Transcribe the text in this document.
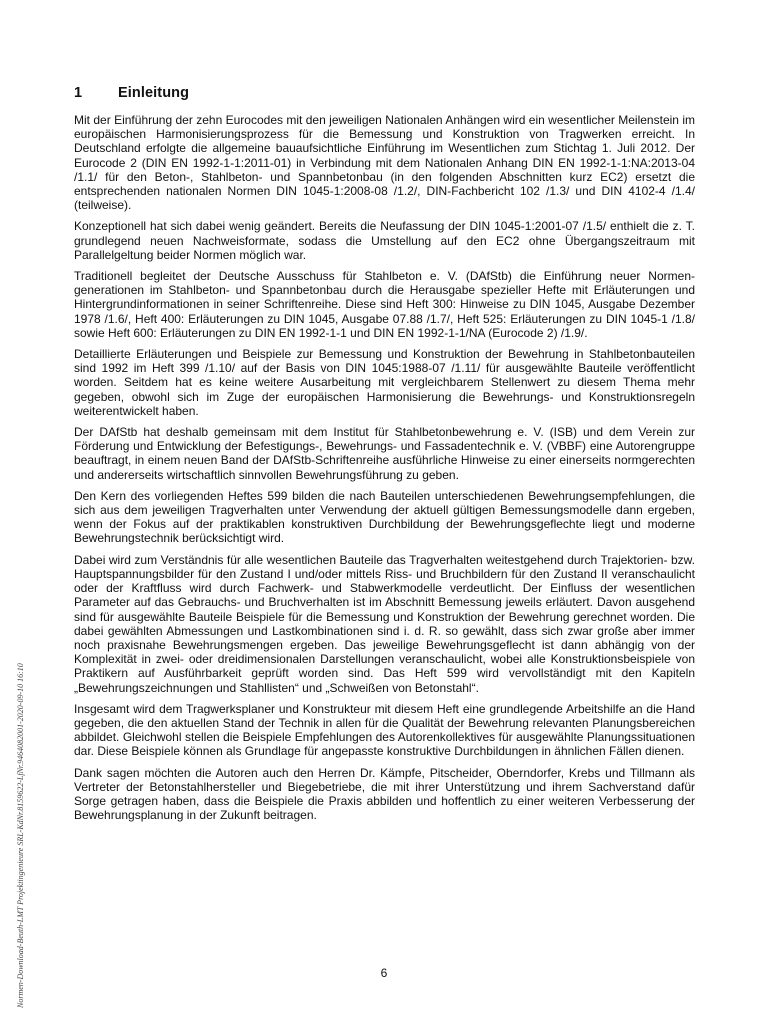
1 Einleitung

Mit der Einführung der zehn Eurocodes mit den jeweiligen Nationalen Anhängen wird ein wesentlicher Meilenstein im europäischen Harmonisierungsprozess für die Bemessung und Konstruktion von Tragwerken erreicht. In Deutschland erfolgte die allgemeine bauaufsichtliche Einführung im Wesentlichen zum Stichtag 1. Juli 2012. Der Eurocode 2 (DIN EN 1992-1-1:2011-01) in Verbindung mit dem Nationalen Anhang DIN EN 1992-1-1:NA:2013-04 /1.1/ für den Beton-, Stahlbeton- und Spannbetonbau (in den folgenden Abschnitten kurz EC2) ersetzt die entsprechenden nationalen Normen DIN 1045-1:2008-08 /1.2/, DIN-Fachbericht 102 /1.3/ und DIN 4102-4 /1.4/ (teilweise).

Konzeptionell hat sich dabei wenig geändert. Bereits die Neufassung der DIN 1045-1:2001-07 /1.5/ enthielt die z. T. grundlegend neuen Nachweisformate, sodass die Umstellung auf den EC2 ohne Übergangszeitraum mit Parallelgeltung beider Normen möglich war.

Traditionell begleitet der Deutsche Ausschuss für Stahlbeton e. V. (DAfStb) die Einführung neuer Normengenerationen im Stahlbeton- und Spannbetonbau durch die Herausgabe spezieller Hefte mit Erläuterungen und Hintergrundinformationen in seiner Schriftenreihe. Diese sind Heft 300: Hinweise zu DIN 1045, Ausgabe Dezember 1978 /1.6/, Heft 400: Erläuterungen zu DIN 1045, Ausgabe 07.88 /1.7/, Heft 525: Erläuterungen zu DIN 1045-1 /1.8/ sowie Heft 600: Erläuterungen zu DIN EN 1992-1-1 und DIN EN 1992-1-1/NA (Eurocode 2) /1.9/.

Detaillierte Erläuterungen und Beispiele zur Bemessung und Konstruktion der Bewehrung in Stahlbetonbauteilen sind 1992 im Heft 399 /1.10/ auf der Basis von DIN 1045:1988-07 /1.11/ für ausgewählte Bauteile veröffentlicht worden. Seitdem hat es keine weitere Ausarbeitung mit vergleichbarem Stellenwert zu diesem Thema mehr gegeben, obwohl sich im Zuge der europäischen Harmonisierung die Bewehrungs- und Konstruktionsregeln weiterentwickelt haben.

Der DAfStb hat deshalb gemeinsam mit dem Institut für Stahlbetonbewehrung e. V. (ISB) und dem Verein zur Förderung und Entwicklung der Befestigungs-, Bewehrungs- und Fassadentechnik e. V. (VBBF) eine Autorengruppe beauftragt, in einem neuen Band der DAfStb-Schriftenreihe ausführliche Hinweise zu einer einerseits normgerechten und andererseits wirtschaftlich sinnvollen Bewehrungsführung zu geben.

Den Kern des vorliegenden Heftes 599 bilden die nach Bauteilen unterschiedenen Bewehrungsempfehlungen, die sich aus dem jeweiligen Tragverhalten unter Verwendung der aktuell gültigen Bemessungsmodelle dann ergeben, wenn der Fokus auf der praktikablen konstruktiven Durchbildung der Bewehrungsgeflechte liegt und moderne Bewehrungstechnik berücksichtigt wird.

Dabei wird zum Verständnis für alle wesentlichen Bauteile das Tragverhalten weitestgehend durch Trajektorien- bzw. Hauptspannungsbilder für den Zustand I und/oder mittels Riss- und Bruchbildern für den Zustand II veranschaulicht oder der Kraftfluss wird durch Fachwerk- und Stabwerkmodelle verdeutlicht. Der Einfluss der wesentlichen Parameter auf das Gebrauchs- und Bruchverhalten ist im Abschnitt Bemessung jeweils erläutert. Davon ausgehend sind für ausgewählte Bauteile Beispiele für die Bemessung und Konstruktion der Bewehrung gerechnet worden. Die dabei gewählten Abmessungen und Lastkombinationen sind i. d. R. so gewählt, dass sich zwar große aber immer noch praxisnahe Bewehrungsmengen ergeben. Das jeweilige Bewehrungsgeflecht ist dann abhängig von der Komplexität in zwei- oder dreidimensionalen Darstellungen veranschaulicht, wobei alle Konstruktionsbeispiele von Praktikern auf Ausführbarkeit geprüft worden sind. Das Heft 599 wird vervollständigt mit den Kapiteln „Bewehrungszeichnungen und Stahllisten“ und „Schweißen von Betonstahl“.

Insgesamt wird dem Tragwerksplaner und Konstrukteur mit diesem Heft eine grundlegende Arbeitshilfe an die Hand gegeben, die den aktuellen Stand der Technik in allen für die Qualität der Bewehrung relevanten Planungsbereichen abbildet. Gleichwohl stellen die Beispiele Empfehlungen des Autorenkollektives für ausgewählte Planungssituationen dar. Diese Beispiele können als Grundlage für angepasste konstruktive Durchbildungen in ähnlichen Fällen dienen.

Dank sagen möchten die Autoren auch den Herren Dr. Kämpfe, Pitscheider, Oberndorfer, Krebs und Tillmann als Vertreter der Betonstahlhersteller und Biegebetriebe, die mit ihrer Unterstützung und ihrem Sachverstand dafür Sorge getragen haben, dass die Beispiele die Praxis abbilden und hoffentlich zu einer weiteren Verbesserung der Bewehrungsplanung in der Zukunft beitragen.

6
Normen-Download-Beuth-LMT Projektingenieure SRL-KdNr.8159622-LfNr.9464082001-2020-09-10 16:10
